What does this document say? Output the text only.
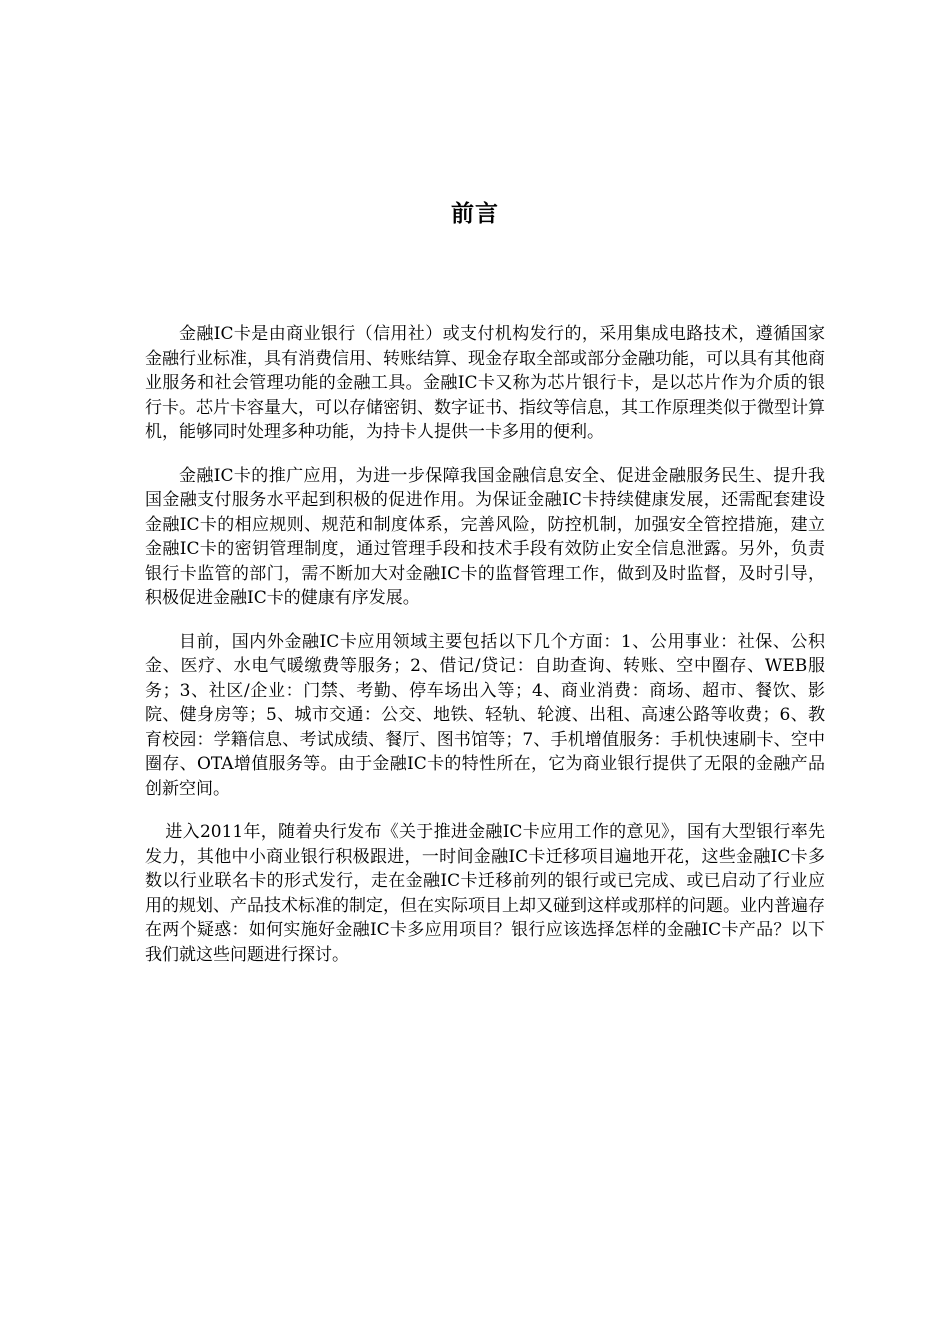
前言

金融IC卡是由商业银行（信用社）或支付机构发行的，采用集成电路技术，遵循国家金融行业标准，具有消费信用、转账结算、现金存取全部或部分金融功能，可以具有其他商业服务和社会管理功能的金融工具。金融IC卡又称为芯片银行卡，是以芯片作为介质的银行卡。芯片卡容量大，可以存储密钥、数字证书、指纹等信息，其工作原理类似于微型计算机，能够同时处理多种功能，为持卡人提供一卡多用的便利。

金融IC卡的推广应用，为进一步保障我国金融信息安全、促进金融服务民生、提升我国金融支付服务水平起到积极的促进作用。为保证金融IC卡持续健康发展，还需配套建设金融IC卡的相应规则、规范和制度体系，完善风险，防控机制，加强安全管控措施，建立金融IC卡的密钥管理制度，通过管理手段和技术手段有效防止安全信息泄露。另外，负责银行卡监管的部门，需不断加大对金融IC卡的监督管理工作，做到及时监督，及时引导，积极促进金融IC卡的健康有序发展。

目前，国内外金融IC卡应用领域主要包括以下几个方面：1、公用事业：社保、公积金、医疗、水电气暖缴费等服务；2、借记/贷记：自助查询、转账、空中圈存、WEB服务；3、社区/企业：门禁、考勤、停车场出入等；4、商业消费：商场、超市、餐饮、影院、健身房等；5、城市交通：公交、地铁、轻轨、轮渡、出租、高速公路等收费；6、教育校园：学籍信息、考试成绩、餐厅、图书馆等；7、手机增值服务：手机快速刷卡、空中圈存、OTA增值服务等。由于金融IC卡的特性所在，它为商业银行提供了无限的金融产品创新空间。

进入2011年，随着央行发布《关于推进金融IC卡应用工作的意见》，国有大型银行率先发力，其他中小商业银行积极跟进，一时间金融IC卡迁移项目遍地开花，这些金融IC卡多数以行业联名卡的形式发行，走在金融IC卡迁移前列的银行或已完成、或已启动了行业应用的规划、产品技术标准的制定，但在实际项目上却又碰到这样或那样的问题。业内普遍存在两个疑惑：如何实施好金融IC卡多应用项目？银行应该选择怎样的金融IC卡产品？以下我们就这些问题进行探讨。
